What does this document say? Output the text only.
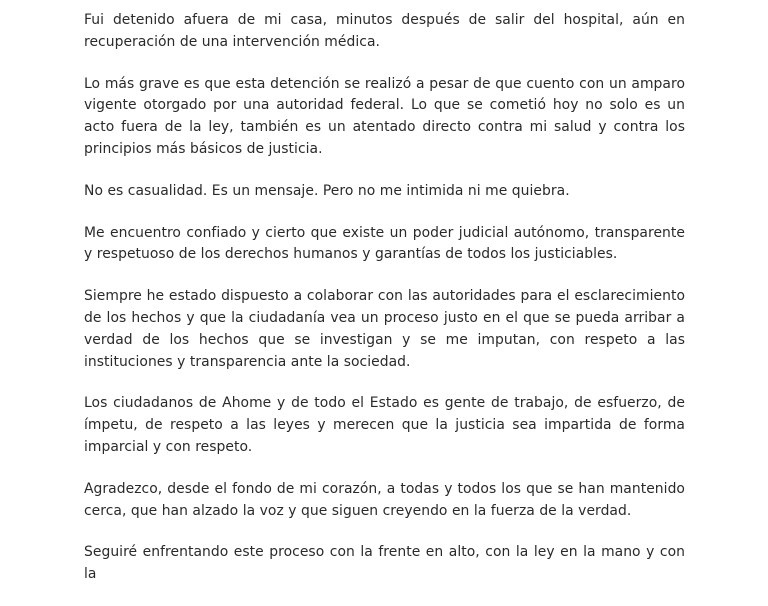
Fui detenido afuera de mi casa, minutos después de salir del hospital, aún en recuperación de una intervención médica.

Lo más grave es que esta detención se realizó a pesar de que cuento con un amparo vigente otorgado por una autoridad federal. Lo que se cometió hoy no solo es un acto fuera de la ley, también es un atentado directo contra mi salud y contra los principios más básicos de justicia.

No es casualidad. Es un mensaje. Pero no me intimida ni me quiebra.

Me encuentro confiado y cierto que existe un poder judicial autónomo, transparente y respetuoso de los derechos humanos y garantías de todos los justiciables.

Siempre he estado dispuesto a colaborar con las autoridades para el esclarecimiento de los hechos y que la ciudadanía vea un proceso justo en el que se pueda arribar a verdad de los hechos que se investigan y se me imputan, con respeto a las instituciones y transparencia ante la sociedad.

Los ciudadanos de Ahome y de todo el Estado es gente de trabajo, de esfuerzo, de ímpetu, de respeto a las leyes y merecen que la justicia sea impartida de forma imparcial y con respeto.

Agradezco, desde el fondo de mi corazón, a todas y todos los que se han mantenido cerca, que han alzado la voz y que siguen creyendo en la fuerza de la verdad.

Seguiré enfrentando este proceso con la frente en alto, con la ley en la mano y con la
